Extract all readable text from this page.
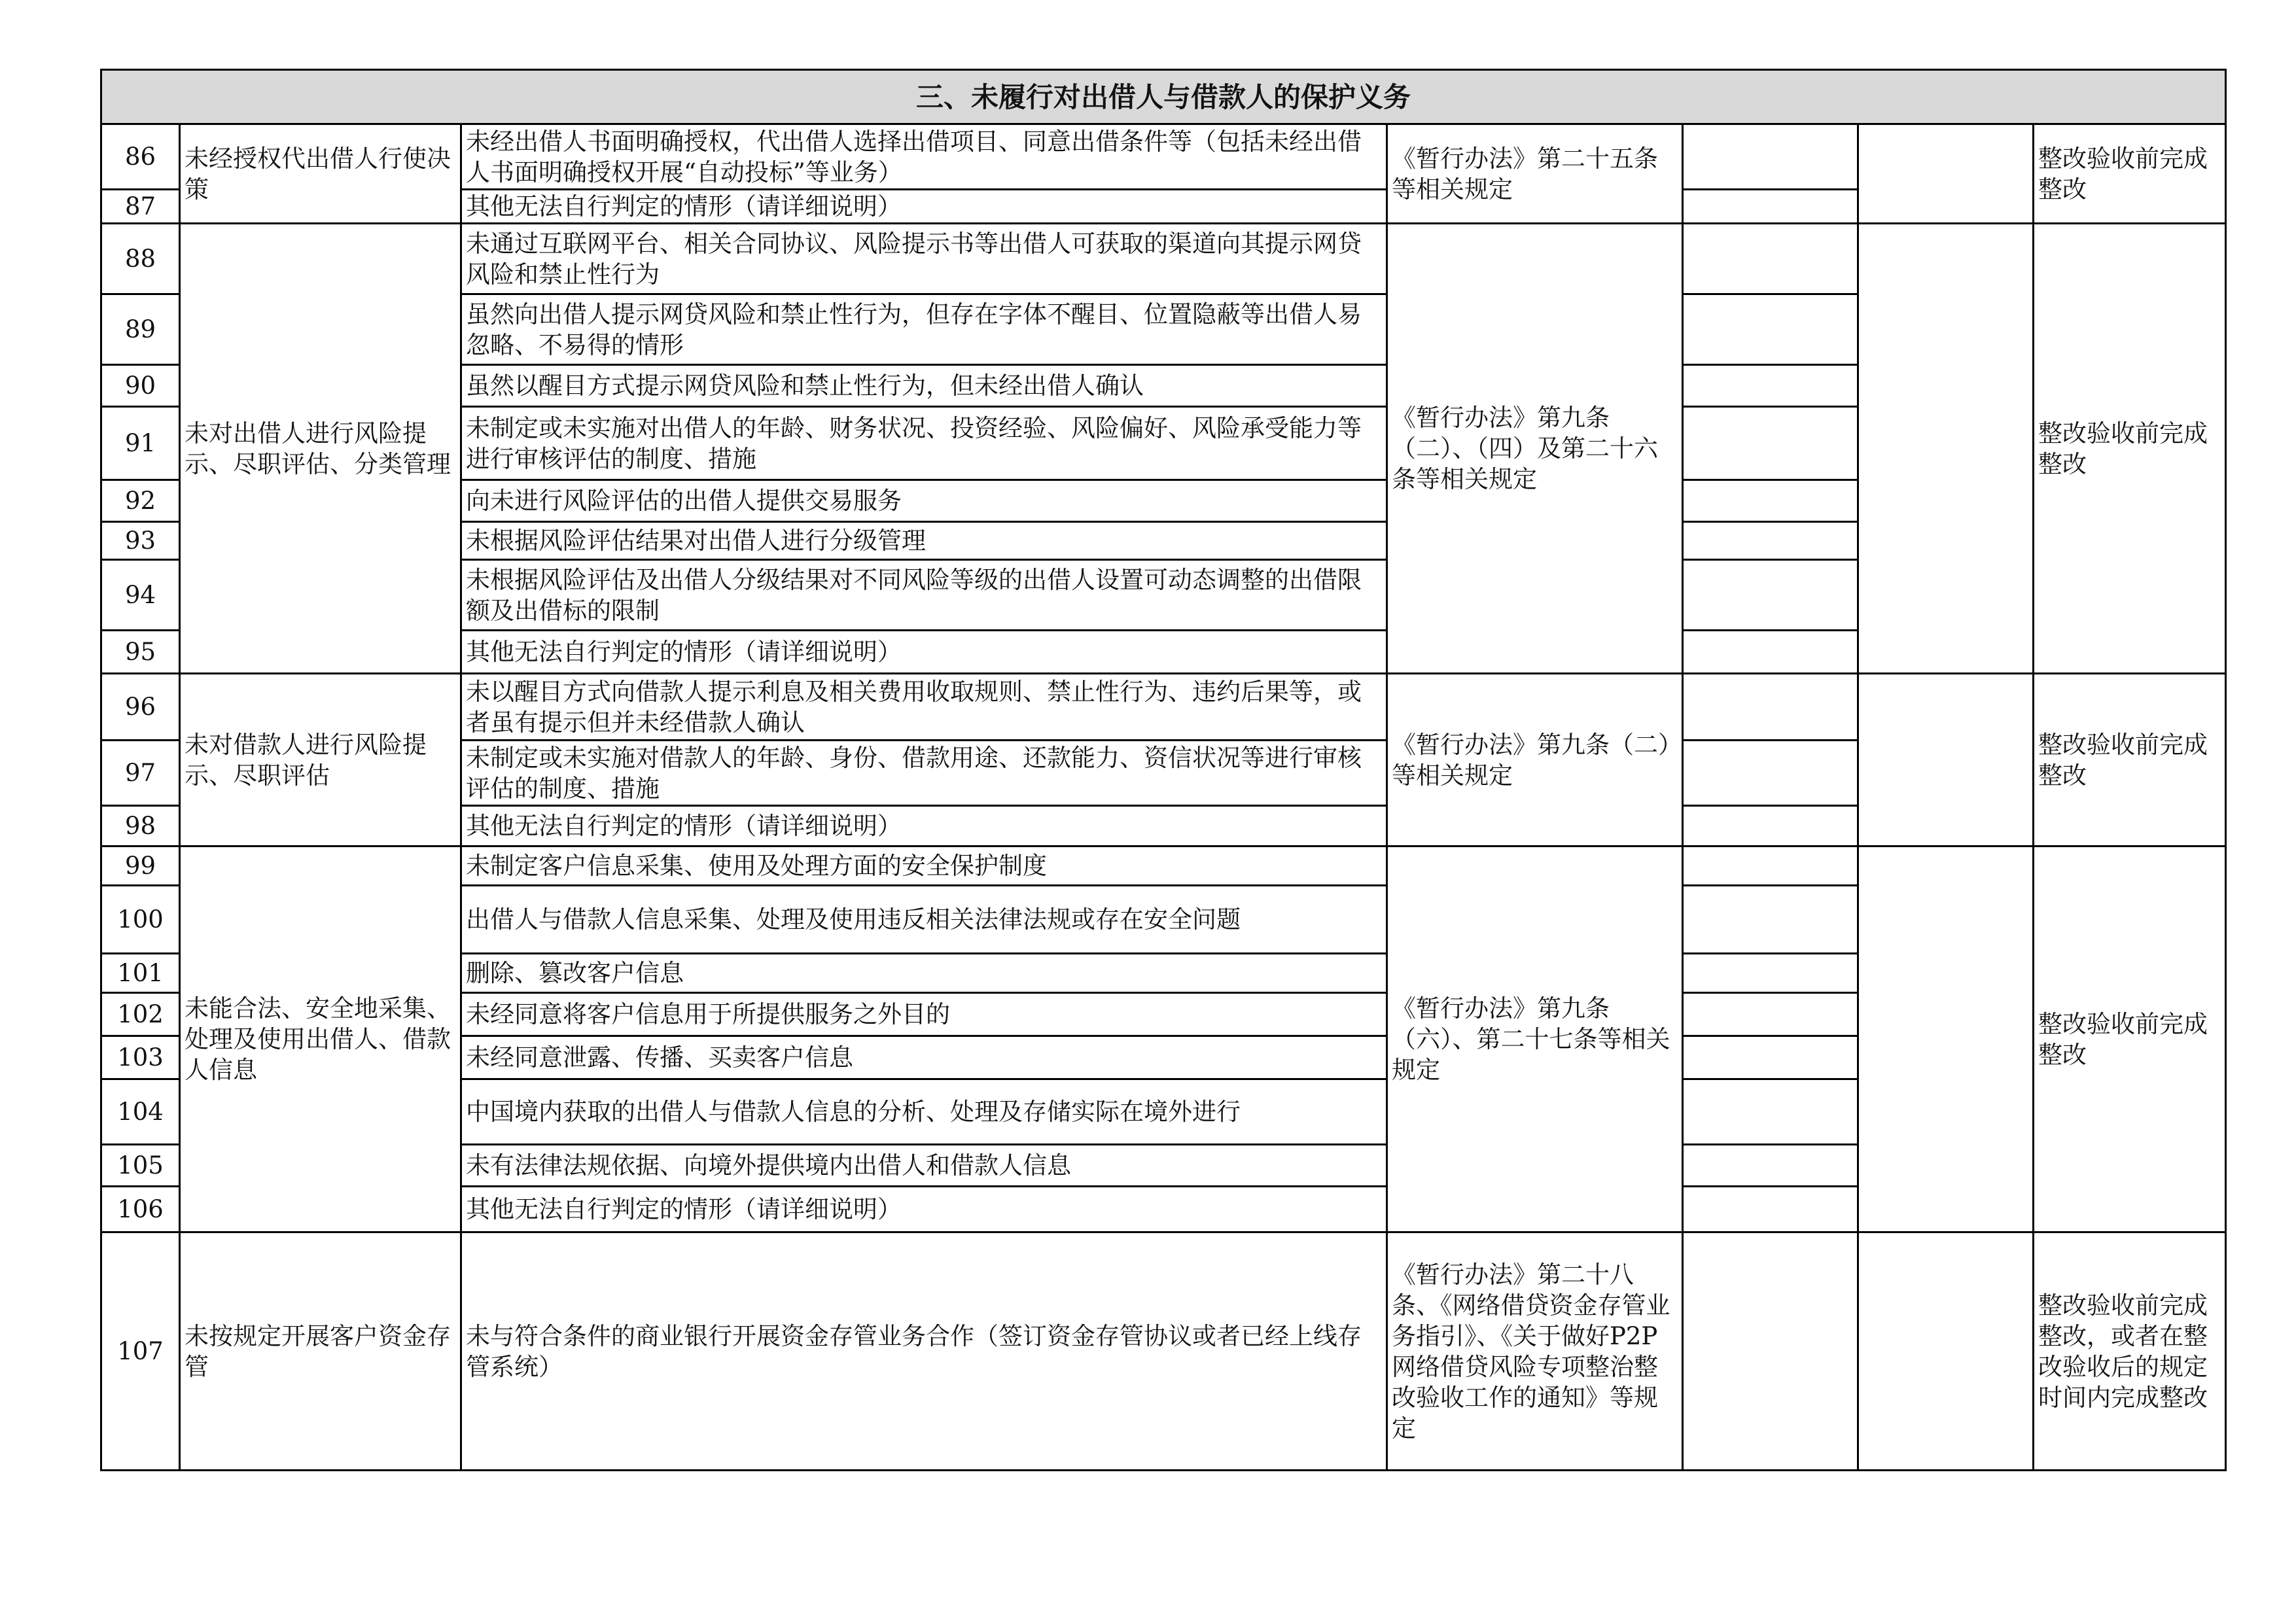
三、未履行对出借人与借款人的保护义务						
86	未经授权代出借人行使决策	未经出借人书面明确授权，代出借人选择出借项目、同意出借条件等（包括未经出借人书面明确授权开展“自动投标”等业务）	《暂行办法》第二十五条等相关规定			整改验收前完成整改
87		其他无法自行判定的情形（请详细说明）				
88	未对出借人进行风险提示、尽职评估、分类管理	未通过互联网平台、相关合同协议、风险提示书等出借人可获取的渠道向其提示网贷风险和禁止性行为	《暂行办法》第九条（二）、（四）及第二十六条等相关规定			整改验收前完成整改
89		虽然向出借人提示网贷风险和禁止性行为，但存在字体不醒目、位置隐蔽等出借人易忽略、不易得的情形				
90		虽然以醒目方式提示网贷风险和禁止性行为，但未经出借人确认				
91		未制定或未实施对出借人的年龄、财务状况、投资经验、风险偏好、风险承受能力等进行审核评估的制度、措施				
92		向未进行风险评估的出借人提供交易服务				
93		未根据风险评估结果对出借人进行分级管理				
94		未根据风险评估及出借人分级结果对不同风险等级的出借人设置可动态调整的出借限额及出借标的限制				
95		其他无法自行判定的情形（请详细说明）				
96	未对借款人进行风险提示、尽职评估	未以醒目方式向借款人提示利息及相关费用收取规则、禁止性行为、违约后果等，或者虽有提示但并未经借款人确认	《暂行办法》第九条（二）等相关规定			整改验收前完成整改
97		未制定或未实施对借款人的年龄、身份、借款用途、还款能力、资信状况等进行审核评估的制度、措施				
98		其他无法自行判定的情形（请详细说明）				
99	未能合法、安全地采集、处理及使用出借人、借款人信息	未制定客户信息采集、使用及处理方面的安全保护制度	《暂行办法》第九条（六）、第二十七条等相关规定			整改验收前完成整改
100		出借人与借款人信息采集、处理及使用违反相关法律法规或存在安全问题				
101		删除、篡改客户信息				
102		未经同意将客户信息用于所提供服务之外目的				
103		未经同意泄露、传播、买卖客户信息				
104		中国境内获取的出借人与借款人信息的分析、处理及存储实际在境外进行				
105		未有法律法规依据、向境外提供境内出借人和借款人信息				
106		其他无法自行判定的情形（请详细说明）				
107	未按规定开展客户资金存管	未与符合条件的商业银行开展资金存管业务合作（签订资金存管协议或者已经上线存管系统）	《暂行办法》第二十八条、《网络借贷资金存管业务指引》、《关于做好P2P网络借贷风险专项整治整改验收工作的通知》等规定			整改验收前完成整改，或者在整改验收后的规定时间内完成整改
